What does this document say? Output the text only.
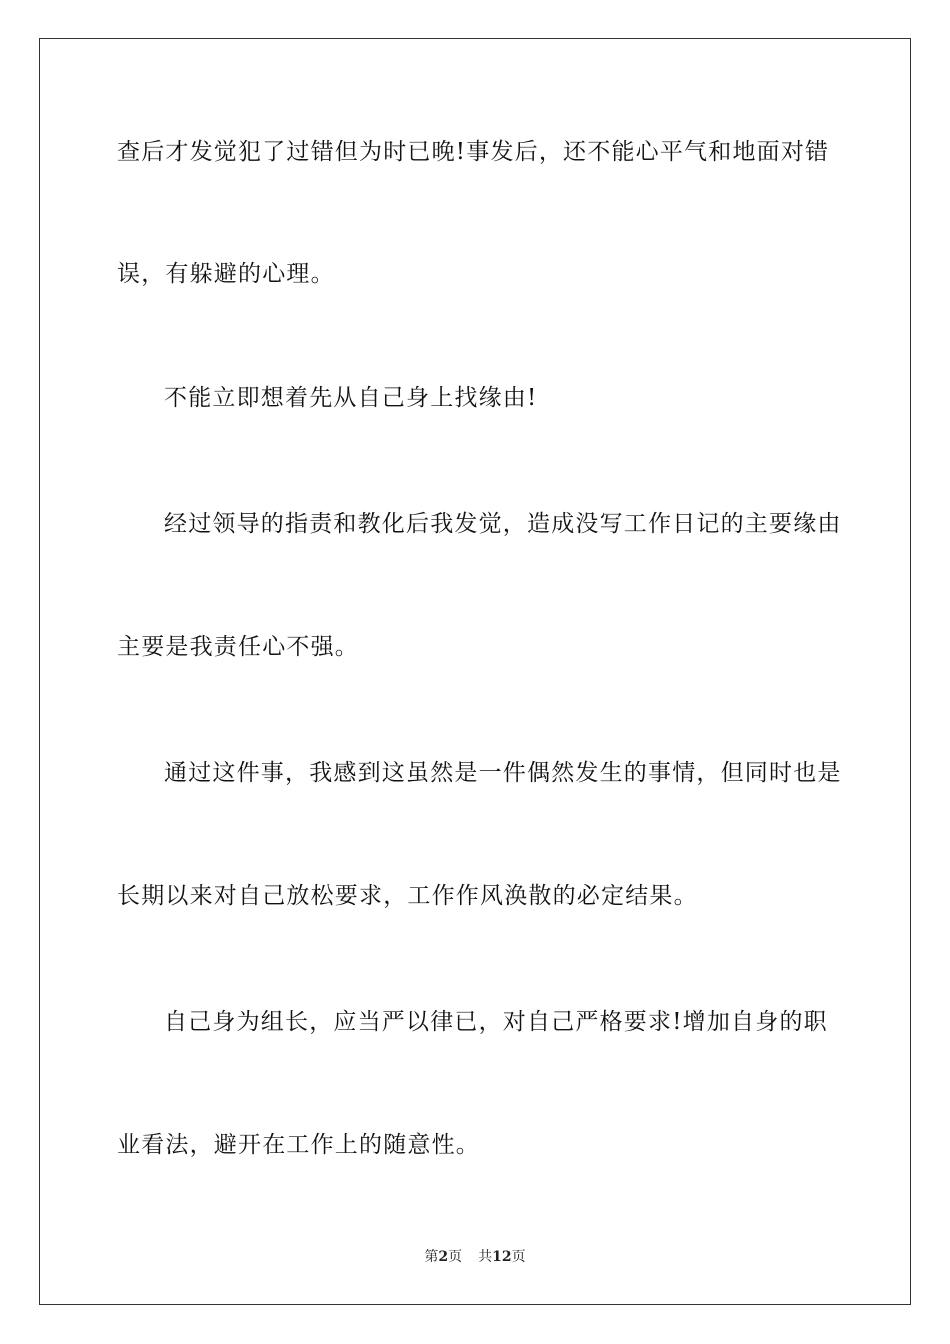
查后才发觉犯了过错但为时已晚!事发后，还不能心平气和地面对错
误，有躲避的心理。
不能立即想着先从自己身上找缘由!
经过领导的指责和教化后我发觉，造成没写工作日记的主要缘由
主要是我责任心不强。
通过这件事，我感到这虽然是一件偶然发生的事情，但同时也是
长期以来对自己放松要求，工作作风涣散的必定结果。
自己身为组长，应当严以律已，对自己严格要求!增加自身的职
业看法，避开在工作上的随意性。
第2页 共12页
